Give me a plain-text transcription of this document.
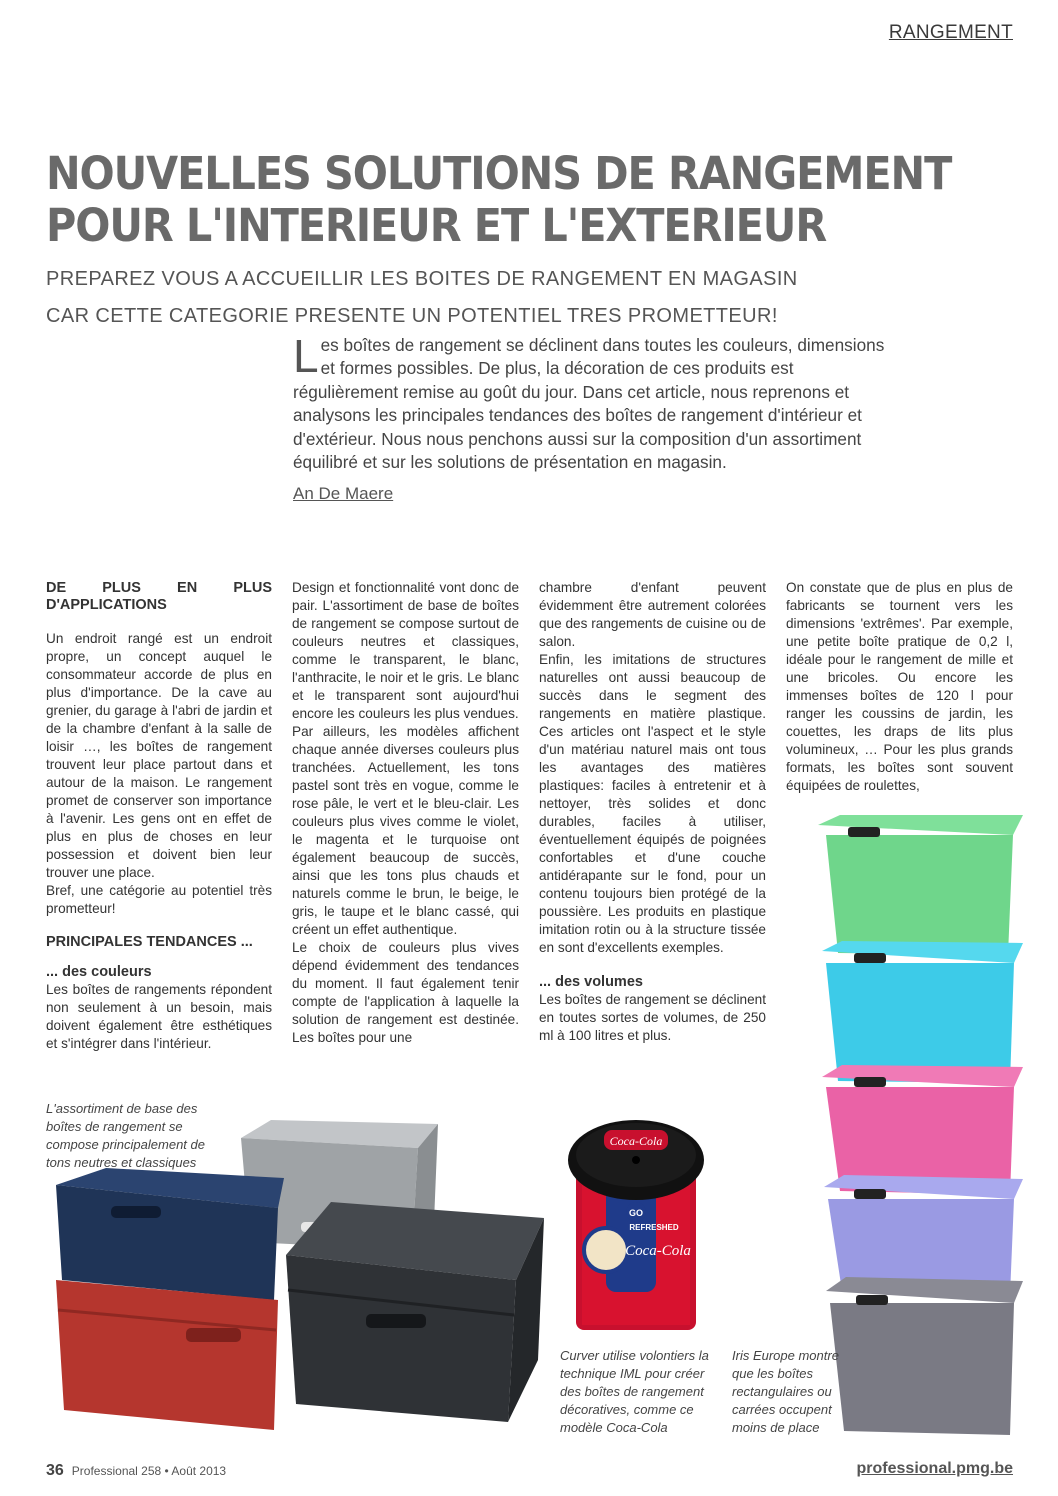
RANGEMENT
NOUVELLES SOLUTIONS DE RANGEMENT
POUR L'INTERIEUR ET L'EXTERIEUR
PREPAREZ VOUS A ACCUEILLIR LES BOITES DE RANGEMENT EN MAGASIN
CAR CETTE CATEGORIE PRESENTE UN POTENTIEL TRES PROMETTEUR!
Les boîtes de rangement se déclinent dans toutes les couleurs, dimensions et formes possibles. De plus, la décoration de ces produits est régulièrement remise au goût du jour. Dans cet article, nous reprenons et analysons les principales tendances des boîtes de rangement d'intérieur et d'extérieur. Nous nous penchons aussi sur la composition d'un assortiment équilibré et sur les solutions de présentation en magasin.
An De Maere
DE PLUS EN PLUS D'APPLICATIONS

Un endroit rangé est un endroit propre, un concept auquel le consommateur accorde de plus en plus d'importance. De la cave au grenier, du garage à l'abri de jardin et de la chambre d'enfant à la salle de loisir …, les boîtes de rangement trouvent leur place partout dans et autour de la maison. Le rangement promet de conserver son importance à l'avenir. Les gens ont en effet de plus en plus de choses en leur possession et doivent bien leur trouver une place.

Bref, une catégorie au potentiel très prometteur!

PRINCIPALES TENDANCES ...
... des couleurs

Les boîtes de rangements répondent non seulement à un besoin, mais doivent également être esthétiques et s'intégrer dans l'intérieur.

Design et fonctionnalité vont donc de pair. L'assortiment de base de boîtes de rangement se compose surtout de couleurs neutres et classiques, comme le transparent, le blanc, l'anthracite, le noir et le gris. Le blanc et le transparent sont aujourd'hui encore les couleurs les plus vendues.

Par ailleurs, les modèles affichent chaque année diverses couleurs plus tranchées. Actuellement, les tons pastel sont très en vogue, comme le rose pâle, le vert et le bleu-clair. Les couleurs plus vives comme le violet, le magenta et le turquoise ont également beaucoup de succès, ainsi que les tons plus chauds et naturels comme le brun, le beige, le gris, le taupe et le blanc cassé, qui créent un effet authentique.

Le choix de couleurs plus vives dépend évidemment des tendances du moment. Il faut également tenir compte de l'application à laquelle la solution de rangement est destinée. Les boîtes pour une

chambre d'enfant peuvent évidemment être autrement colorées que des rangements de cuisine ou de salon.

Enfin, les imitations de structures naturelles ont aussi beaucoup de succès dans le segment des rangements en matière plastique. Ces articles ont l'aspect et le style d'un matériau naturel mais ont tous les avantages des matières plastiques: faciles à entretenir et à nettoyer, très solides et donc durables, faciles à utiliser, éventuellement équipés de poignées confortables et d'une couche antidérapante sur le fond, pour un contenu toujours bien protégé de la poussière. Les produits en plastique imitation rotin ou à la structure tissée en sont d'excellents exemples.

... des volumes

Les boîtes de rangement se déclinent en toutes sortes de volumes, de 250 ml à 100 litres et plus.

On constate que de plus en plus de fabricants se tournent vers les dimensions 'extrêmes'. Par exemple, une petite boîte pratique de 0,2 l, idéale pour le rangement de mille et une bricoles. Ou encore les immenses boîtes de 120 l pour ranger les coussins de jardin, les couettes, les draps de lits plus volumineux, … Pour les plus grands formats, les boîtes sont souvent équipées de roulettes,

GO
REFRESHED
Coca-Cola
Coca-Cola
L'assortiment de base des boîtes de rangement se compose principalement de tons neutres et classiques
Curver utilise volontiers la technique IML pour créer des boîtes de rangement décoratives, comme ce modèle Coca-Cola
Iris Europe montre que les boîtes rectangulaires ou carrées occupent moins de place
36 Professional 258 • Août 2013	professional.pmg.be
